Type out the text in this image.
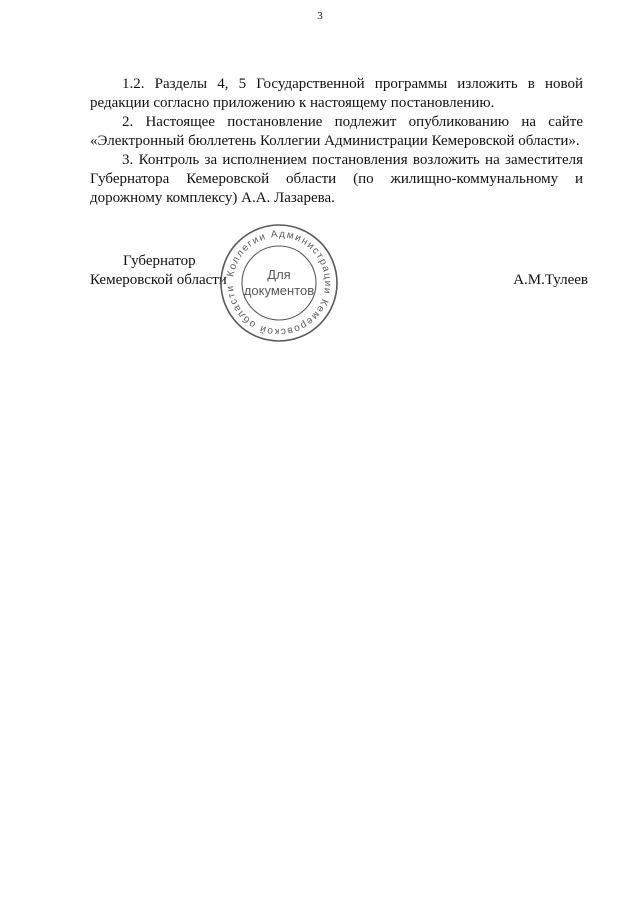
3

1.2. Разделы 4, 5 Государственной программы изложить в новой редакции согласно приложению к настоящему постановлению.

2. Настоящее постановление подлежит опубликованию на сайте «Электронный бюллетень Коллегии Администрации Кемеровской области».

3. Контроль за исполнением постановления возложить на заместителя Губернатора Кемеровской области (по жилищно-коммунальному и дорожному комплексу) А.А. Лазарева.

Губернатор
Кемеровской области	А.М.Тулеев
Коллегии Администрации Кемеровской области
Для
документов
